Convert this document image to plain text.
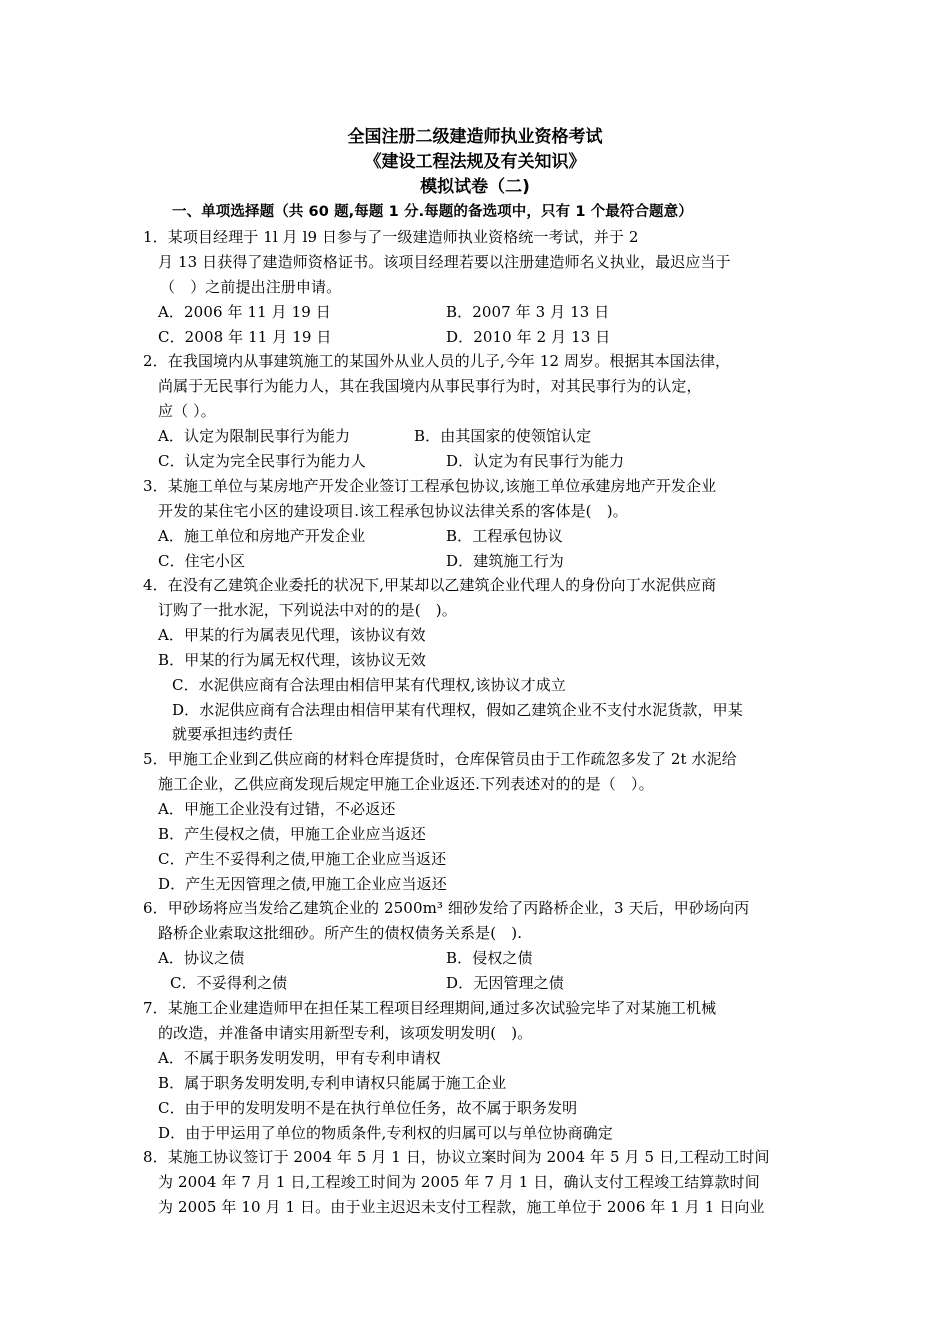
全国注册二级建造师执业资格考试
《建设工程法规及有关知识》
模拟试卷（二)
一、单项选择题（共 60 题,每题 1 分.每题的备选项中，只有 1 个最符合题意）
1．某项目经理于 1l 月 l9 日参与了一级建造师执业资格统一考试，并于 2
月 13 日获得了建造师资格证书。该项目经理若要以注册建造师名义执业，最迟应当于
（　）之前提出注册申请。
A．2006 年 11 月 19 日	B．2007 年 3 月 13 日
C．2008 年 11 月 19 日	D．2010 年 2 月 13 日
2．在我国境内从事建筑施工的某国外从业人员的儿子,今年 12 周岁。根据其本国法律，
尚属于无民事行为能力人，其在我国境内从事民事行为时，对其民事行为的认定，
应（ ）。
A．认定为限制民事行为能力	B．由其国家的使领馆认定
C．认定为完全民事行为能力人	D．认定为有民事行为能力
3．某施工单位与某房地产开发企业签订工程承包协议,该施工单位承建房地产开发企业
开发的某住宅小区的建设项目.该工程承包协议法律关系的客体是(　)。
A．施工单位和房地产开发企业	B．工程承包协议
C．住宅小区	D．建筑施工行为
4．在没有乙建筑企业委托的状况下,甲某却以乙建筑企业代理人的身份向丁水泥供应商
订购了一批水泥，下列说法中对的的是(　)。
A．甲某的行为属表见代理，该协议有效
B．甲某的行为属无权代理，该协议无效
C．水泥供应商有合法理由相信甲某有代理权,该协议才成立
D．水泥供应商有合法理由相信甲某有代理权，假如乙建筑企业不支付水泥货款，甲某
就要承担违约责任
5．甲施工企业到乙供应商的材料仓库提货时，仓库保管员由于工作疏忽多发了 2t 水泥给
施工企业，乙供应商发现后规定甲施工企业返还.下列表述对的的是（　）。
A．甲施工企业没有过错，不必返还
B．产生侵权之债，甲施工企业应当返还
C．产生不妥得利之债,甲施工企业应当返还
D．产生无因管理之债,甲施工企业应当返还
6．甲砂场将应当发给乙建筑企业的 2500m³ 细砂发给了丙路桥企业，3 天后，甲砂场向丙
路桥企业索取这批细砂。所产生的债权债务关系是(　).
A．协议之债	B．侵权之债
C．不妥得利之债	D．无因管理之债
7．某施工企业建造师甲在担任某工程项目经理期间,通过多次试验完毕了对某施工机械
的改造，并准备申请实用新型专利，该项发明发明(　)。
A．不属于职务发明发明，甲有专利申请权
B．属于职务发明发明,专利申请权只能属于施工企业
C．由于甲的发明发明不是在执行单位任务，故不属于职务发明
D．由于甲运用了单位的物质条件,专利权的归属可以与单位协商确定
8．某施工协议签订于 2004 年 5 月 1 日，协议立案时间为 2004 年 5 月 5 日,工程动工时间
为 2004 年 7 月 1 日,工程竣工时间为 2005 年 7 月 1 日，确认支付工程竣工结算款时间
为 2005 年 10 月 1 日。由于业主迟迟未支付工程款，施工单位于 2006 年 1 月 1 日向业
